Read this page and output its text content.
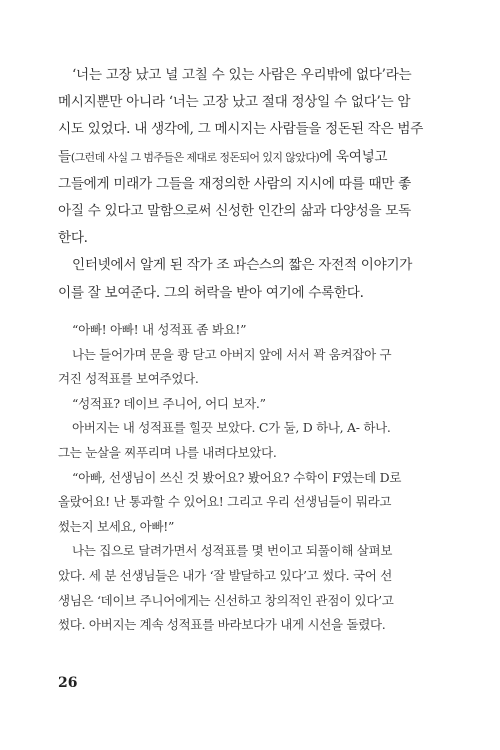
‘너는 고장 났고 널 고칠 수 있는 사람은 우리밖에 없다’라는
메시지뿐만 아니라 ‘너는 고장 났고 절대 정상일 수 없다’는 암
시도 있었다. 내 생각에, 그 메시지는 사람들을 정돈된 작은 범주
들(그런데 사실 그 범주들은 제대로 정돈되어 있지 않았다)에 욱여넣고
그들에게 미래가 그들을 재정의한 사람의 지시에 따를 때만 좋
아질 수 있다고 말함으로써 신성한 인간의 삶과 다양성을 모독
한다.
인터넷에서 알게 된 작가 조 파슨스의 짧은 자전적 이야기가
이를 잘 보여준다. 그의 허락을 받아 여기에 수록한다.
“아빠! 아빠! 내 성적표 좀 봐요!”
나는 들어가며 문을 쾅 닫고 아버지 앞에 서서 꽉 움켜잡아 구
겨진 성적표를 보여주었다.
“성적표? 데이브 주니어, 어디 보자.”
아버지는 내 성적표를 힐끗 보았다. C가 둘, D 하나, A- 하나.
그는 눈살을 찌푸리며 나를 내려다보았다.
“아빠, 선생님이 쓰신 것 봤어요? 봤어요? 수학이 F였는데 D로
올랐어요! 난 통과할 수 있어요! 그리고 우리 선생님들이 뭐라고
썼는지 보세요, 아빠!”
나는 집으로 달려가면서 성적표를 몇 번이고 되풀이해 살펴보
았다. 세 분 선생님들은 내가 ‘잘 발달하고 있다’고 썼다. 국어 선
생님은 ‘데이브 주니어에게는 신선하고 창의적인 관점이 있다’고
썼다. 아버지는 계속 성적표를 바라보다가 내게 시선을 돌렸다.
26
